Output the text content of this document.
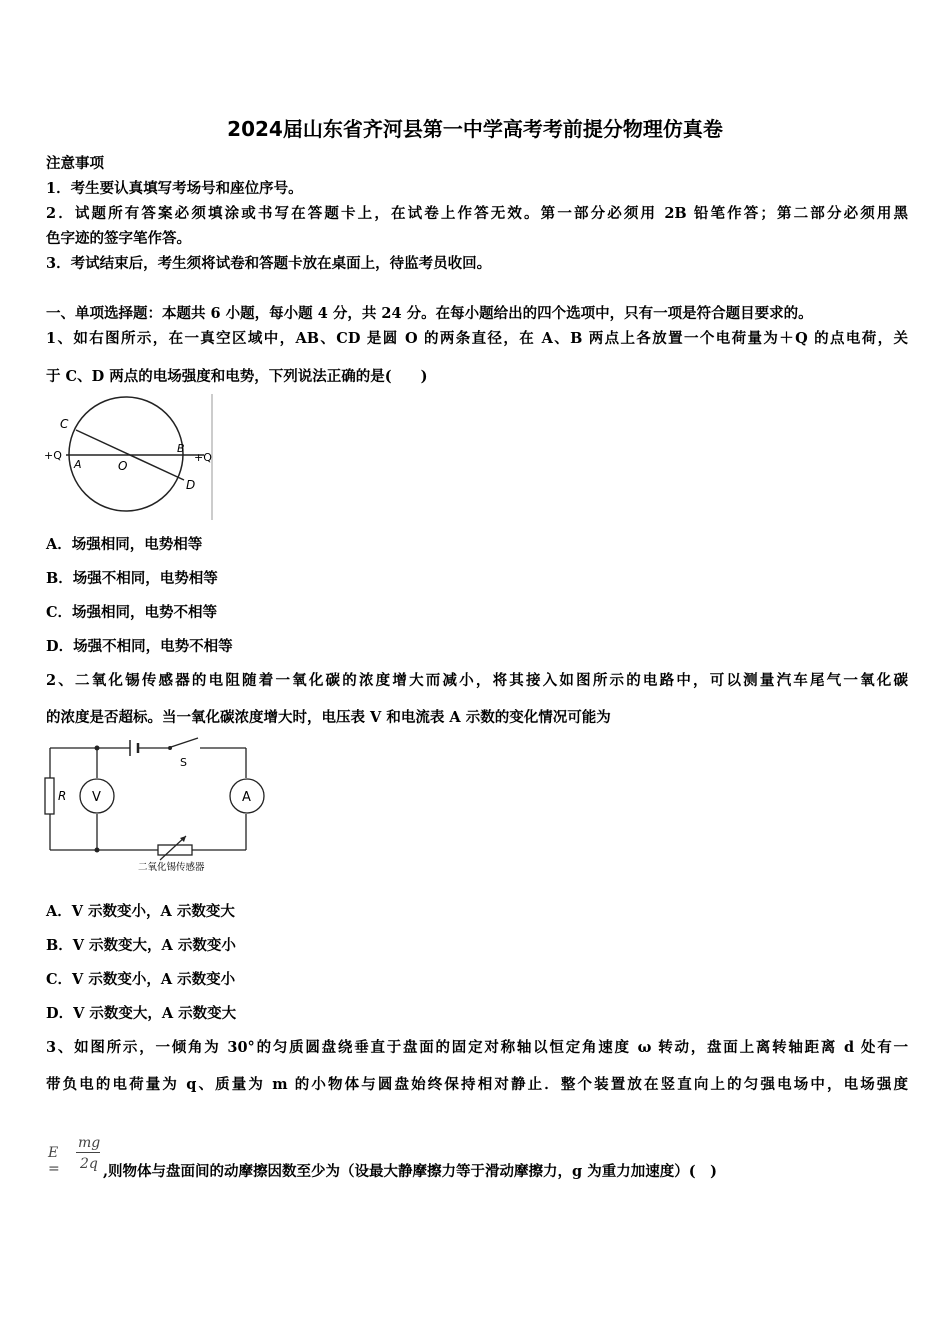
2024届山东省齐河县第一中学高考考前提分物理仿真卷
注意事项
1．考生要认真填写考场号和座位序号。
2．试题所有答案必须填涂或书写在答题卡上，在试卷上作答无效。第一部分必须用 2B 铅笔作答；第二部分必须用黑
色字迹的签字笔作答。
3．考试结束后，考生须将试卷和答题卡放在桌面上，待监考员收回。
一、单项选择题：本题共 6 小题，每小题 4 分，共 24 分。在每小题给出的四个选项中，只有一项是符合题目要求的。
1、如右图所示，在一真空区域中，AB、CD 是圆 O 的两条直径，在 A、B 两点上各放置一个电荷量为＋Q 的点电荷，关
于 C、D 两点的电场强度和电势，下列说法正确的是(　　)
C
D
A
B
O
+Q	+Q
A．场强相同，电势相等
B．场强不相同，电势相等
C．场强相同，电势不相等
D．场强不相同，电势不相等
2、二氧化锡传感器的电阻随着一氧化碳的浓度增大而减小，将其接入如图所示的电路中，可以测量汽车尾气一氧化碳
的浓度是否超标。当一氧化碳浓度增大时，电压表 V 和电流表 A 示数的变化情况可能为
S
R V	A
二氧化锡传感器
A．V 示数变小，A 示数变大
B．V 示数变大，A 示数变小
C．V 示数变小，A 示数变小
D．V 示数变大，A 示数变大
3、如图所示，一倾角为 30°的匀质圆盘绕垂直于盘面的固定对称轴以恒定角速度 ω 转动，盘面上离转轴距离 d 处有一
带负电的电荷量为 q、质量为 m 的小物体与圆盘始终保持相对静止．整个装置放在竖直向上的匀强电场中，电场强度
E =
mg
2q ,则物体与盘面间的动摩擦因数至少为（设最大静摩擦力等于滑动摩擦力，g 为重力加速度）(　)
